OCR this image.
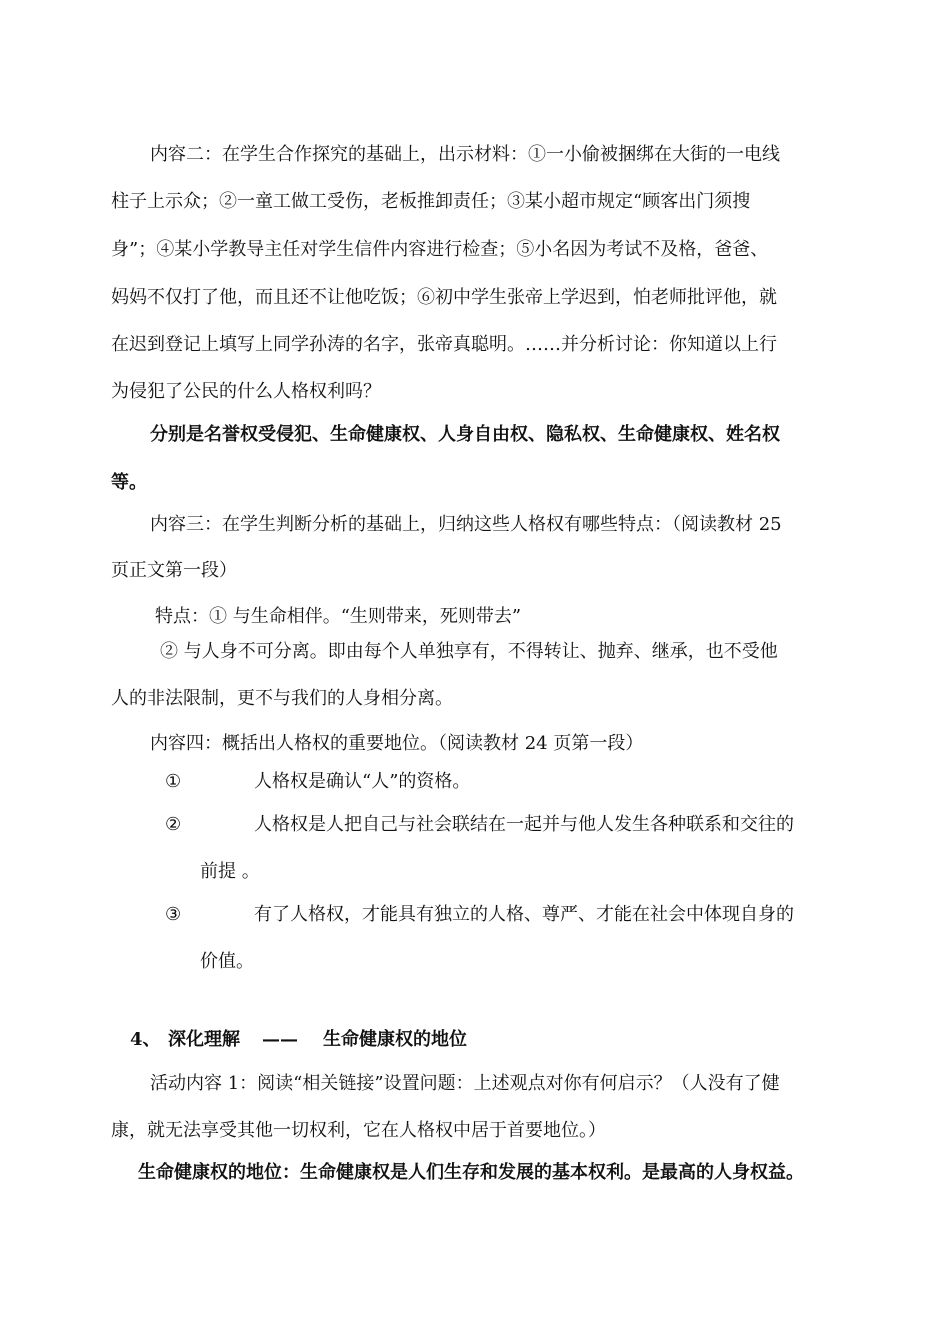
内容二：在学生合作探究的基础上，出示材料：①一小偷被捆绑在大街的一电线
柱子上示众；②一童工做工受伤，老板推卸责任；③某小超市规定“顾客出门须搜
身”；④某小学教导主任对学生信件内容进行检查；⑤小名因为考试不及格，爸爸、
妈妈不仅打了他，而且还不让他吃饭；⑥初中学生张帝上学迟到，怕老师批评他，就
在迟到登记上填写上同学孙涛的名字，张帝真聪明。……并分析讨论：你知道以上行
为侵犯了公民的什么人格权利吗？
分别是名誉权受侵犯、生命健康权、人身自由权、隐私权、生命健康权、姓名权
等。
内容三：在学生判断分析的基础上，归纳这些人格权有哪些特点：（阅读教材 25
页正文第一段）
特点：① 与生命相伴。“生则带来，死则带去”
② 与人身不可分离。即由每个人单独享有，不得转让、抛弃、继承，也不受他
人的非法限制，更不与我们的人身相分离。
内容四：概括出人格权的重要地位。（阅读教材 24 页第一段）
①	人格权是确认“人”的资格。
②	人格权是人把自己与社会联结在一起并与他人发生各种联系和交往的
前提 。
③	有了人格权，才能具有独立的人格、尊严、才能在社会中体现自身的
价值。
4、 深化理解 —— 生命健康权的地位
活动内容 1：阅读“相关链接”设置问题：上述观点对你有何启示？（人没有了健
康，就无法享受其他一切权利，它在人格权中居于首要地位。）
生命健康权的地位：生命健康权是人们生存和发展的基本权利。是最高的人身权益。
